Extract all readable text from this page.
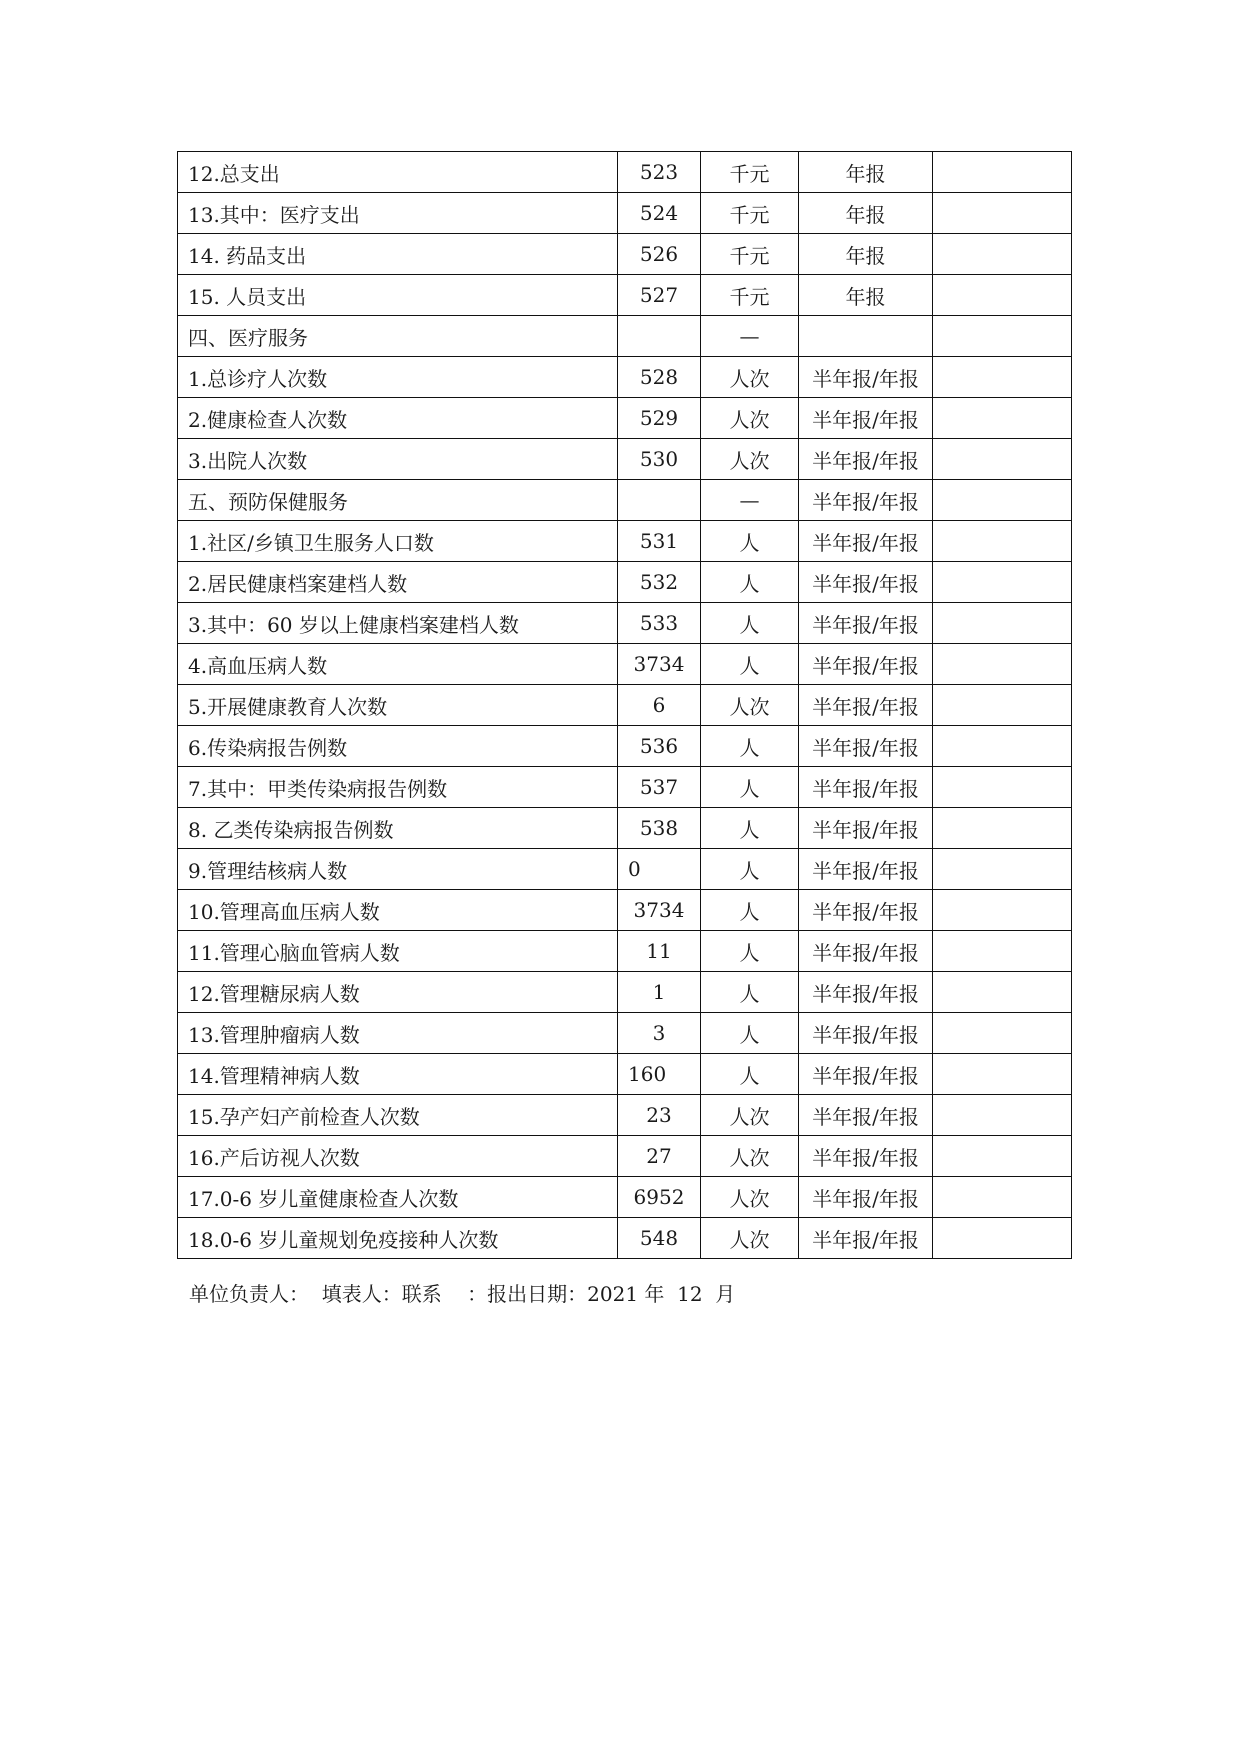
12.总支出	523	千元	年报	
13.其中：医疗支出	524	千元	年报	
14. 药品支出	526	千元	年报	
15. 人员支出	527	千元	年报	
四、医疗服务		—		
1.总诊疗人次数	528	人次	半年报/年报	
2.健康检查人次数	529	人次	半年报/年报	
3.出院人次数	530	人次	半年报/年报	
五、预防保健服务		—	半年报/年报	
1.社区/乡镇卫生服务人口数	531	人	半年报/年报	
2.居民健康档案建档人数	532	人	半年报/年报	
3.其中：60 岁以上健康档案建档人数	533	人	半年报/年报	
4.高血压病人数	3734	人	半年报/年报	
5.开展健康教育人次数	6	人次	半年报/年报	
6.传染病报告例数	536	人	半年报/年报	
7.其中：甲类传染病报告例数	537	人	半年报/年报	
8. 乙类传染病报告例数	538	人	半年报/年报	
9.管理结核病人数	0	人	半年报/年报	
10.管理高血压病人数	3734	人	半年报/年报	
11.管理心脑血管病人数	11	人	半年报/年报	
12.管理糖尿病人数	1	人	半年报/年报	
13.管理肿瘤病人数	3	人	半年报/年报	
14.管理精神病人数	160	人	半年报/年报	
15.孕产妇产前检查人次数	23	人次	半年报/年报	
16.产后访视人次数	27	人次	半年报/年报	
17.0-6 岁儿童健康检查人次数	6952	人次	半年报/年报	
18.0-6 岁儿童规划免疫接种人次数	548	人次	半年报/年报	
单位负责人：  填表人：联系    ：报出日期：2021 年  12  月
